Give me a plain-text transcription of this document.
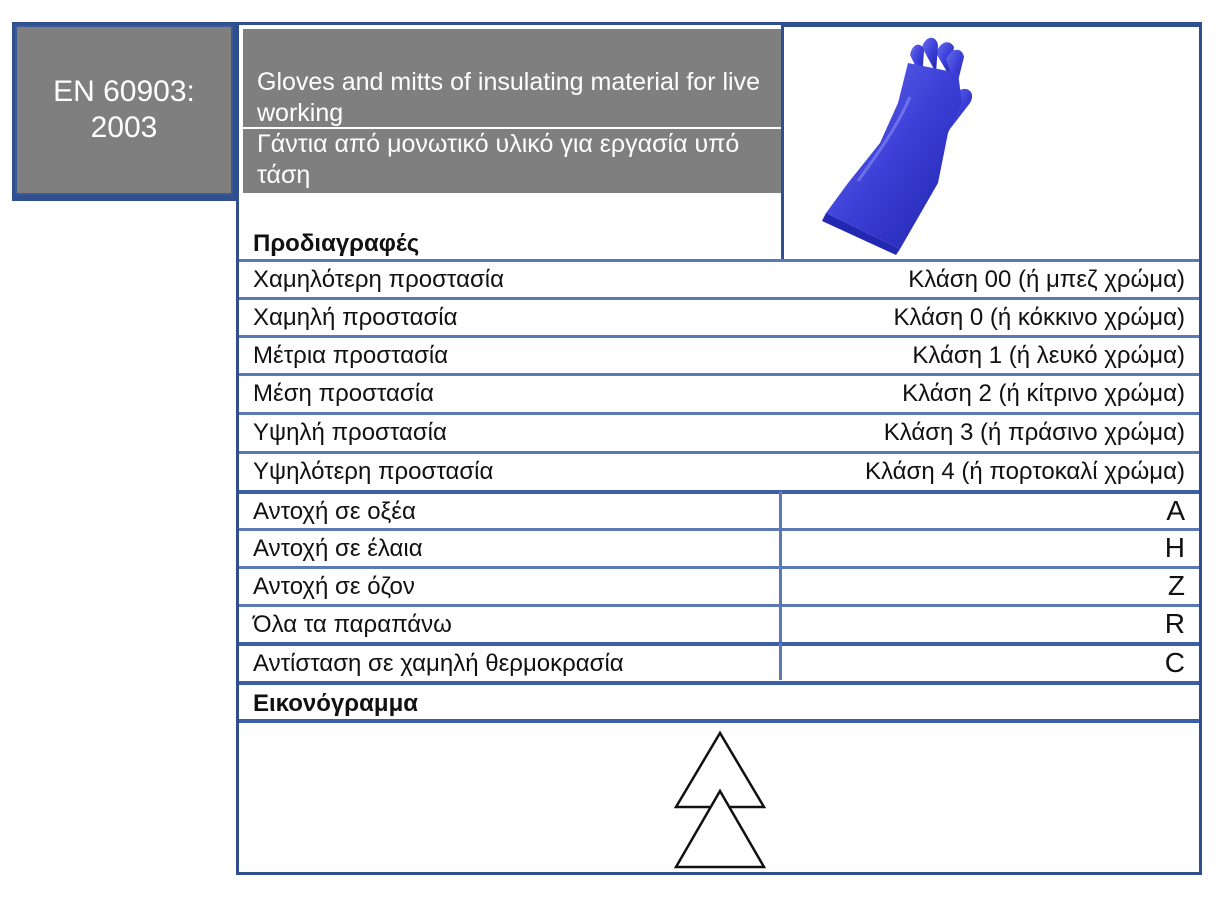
EN 60903:
2003
Gloves and mitts of insulating material for live working
Γάντια από μονωτικό υλικό για εργασία υπό τάση
Προδιαγραφές
Χαμηλότερη προστασία	Κλάση 00 (ή μπεζ χρώμα)
Χαμηλή προστασία	Κλάση 0 (ή κόκκινο χρώμα)
Μέτρια προστασία	Κλάση 1 (ή λευκό χρώμα)
Μέση προστασία	Κλάση 2 (ή κίτρινο χρώμα)
Υψηλή προστασία	Κλάση 3 (ή πράσινο χρώμα)
Υψηλότερη προστασία	Κλάση 4 (ή πορτοκαλί χρώμα)
Αντοχή σε οξέα	A
Αντοχή σε έλαια	H
Αντοχή σε όζον	Z
Όλα τα παραπάνω	R
Αντίσταση σε χαμηλή θερμοκρασία	C
Εικονόγραμμα
